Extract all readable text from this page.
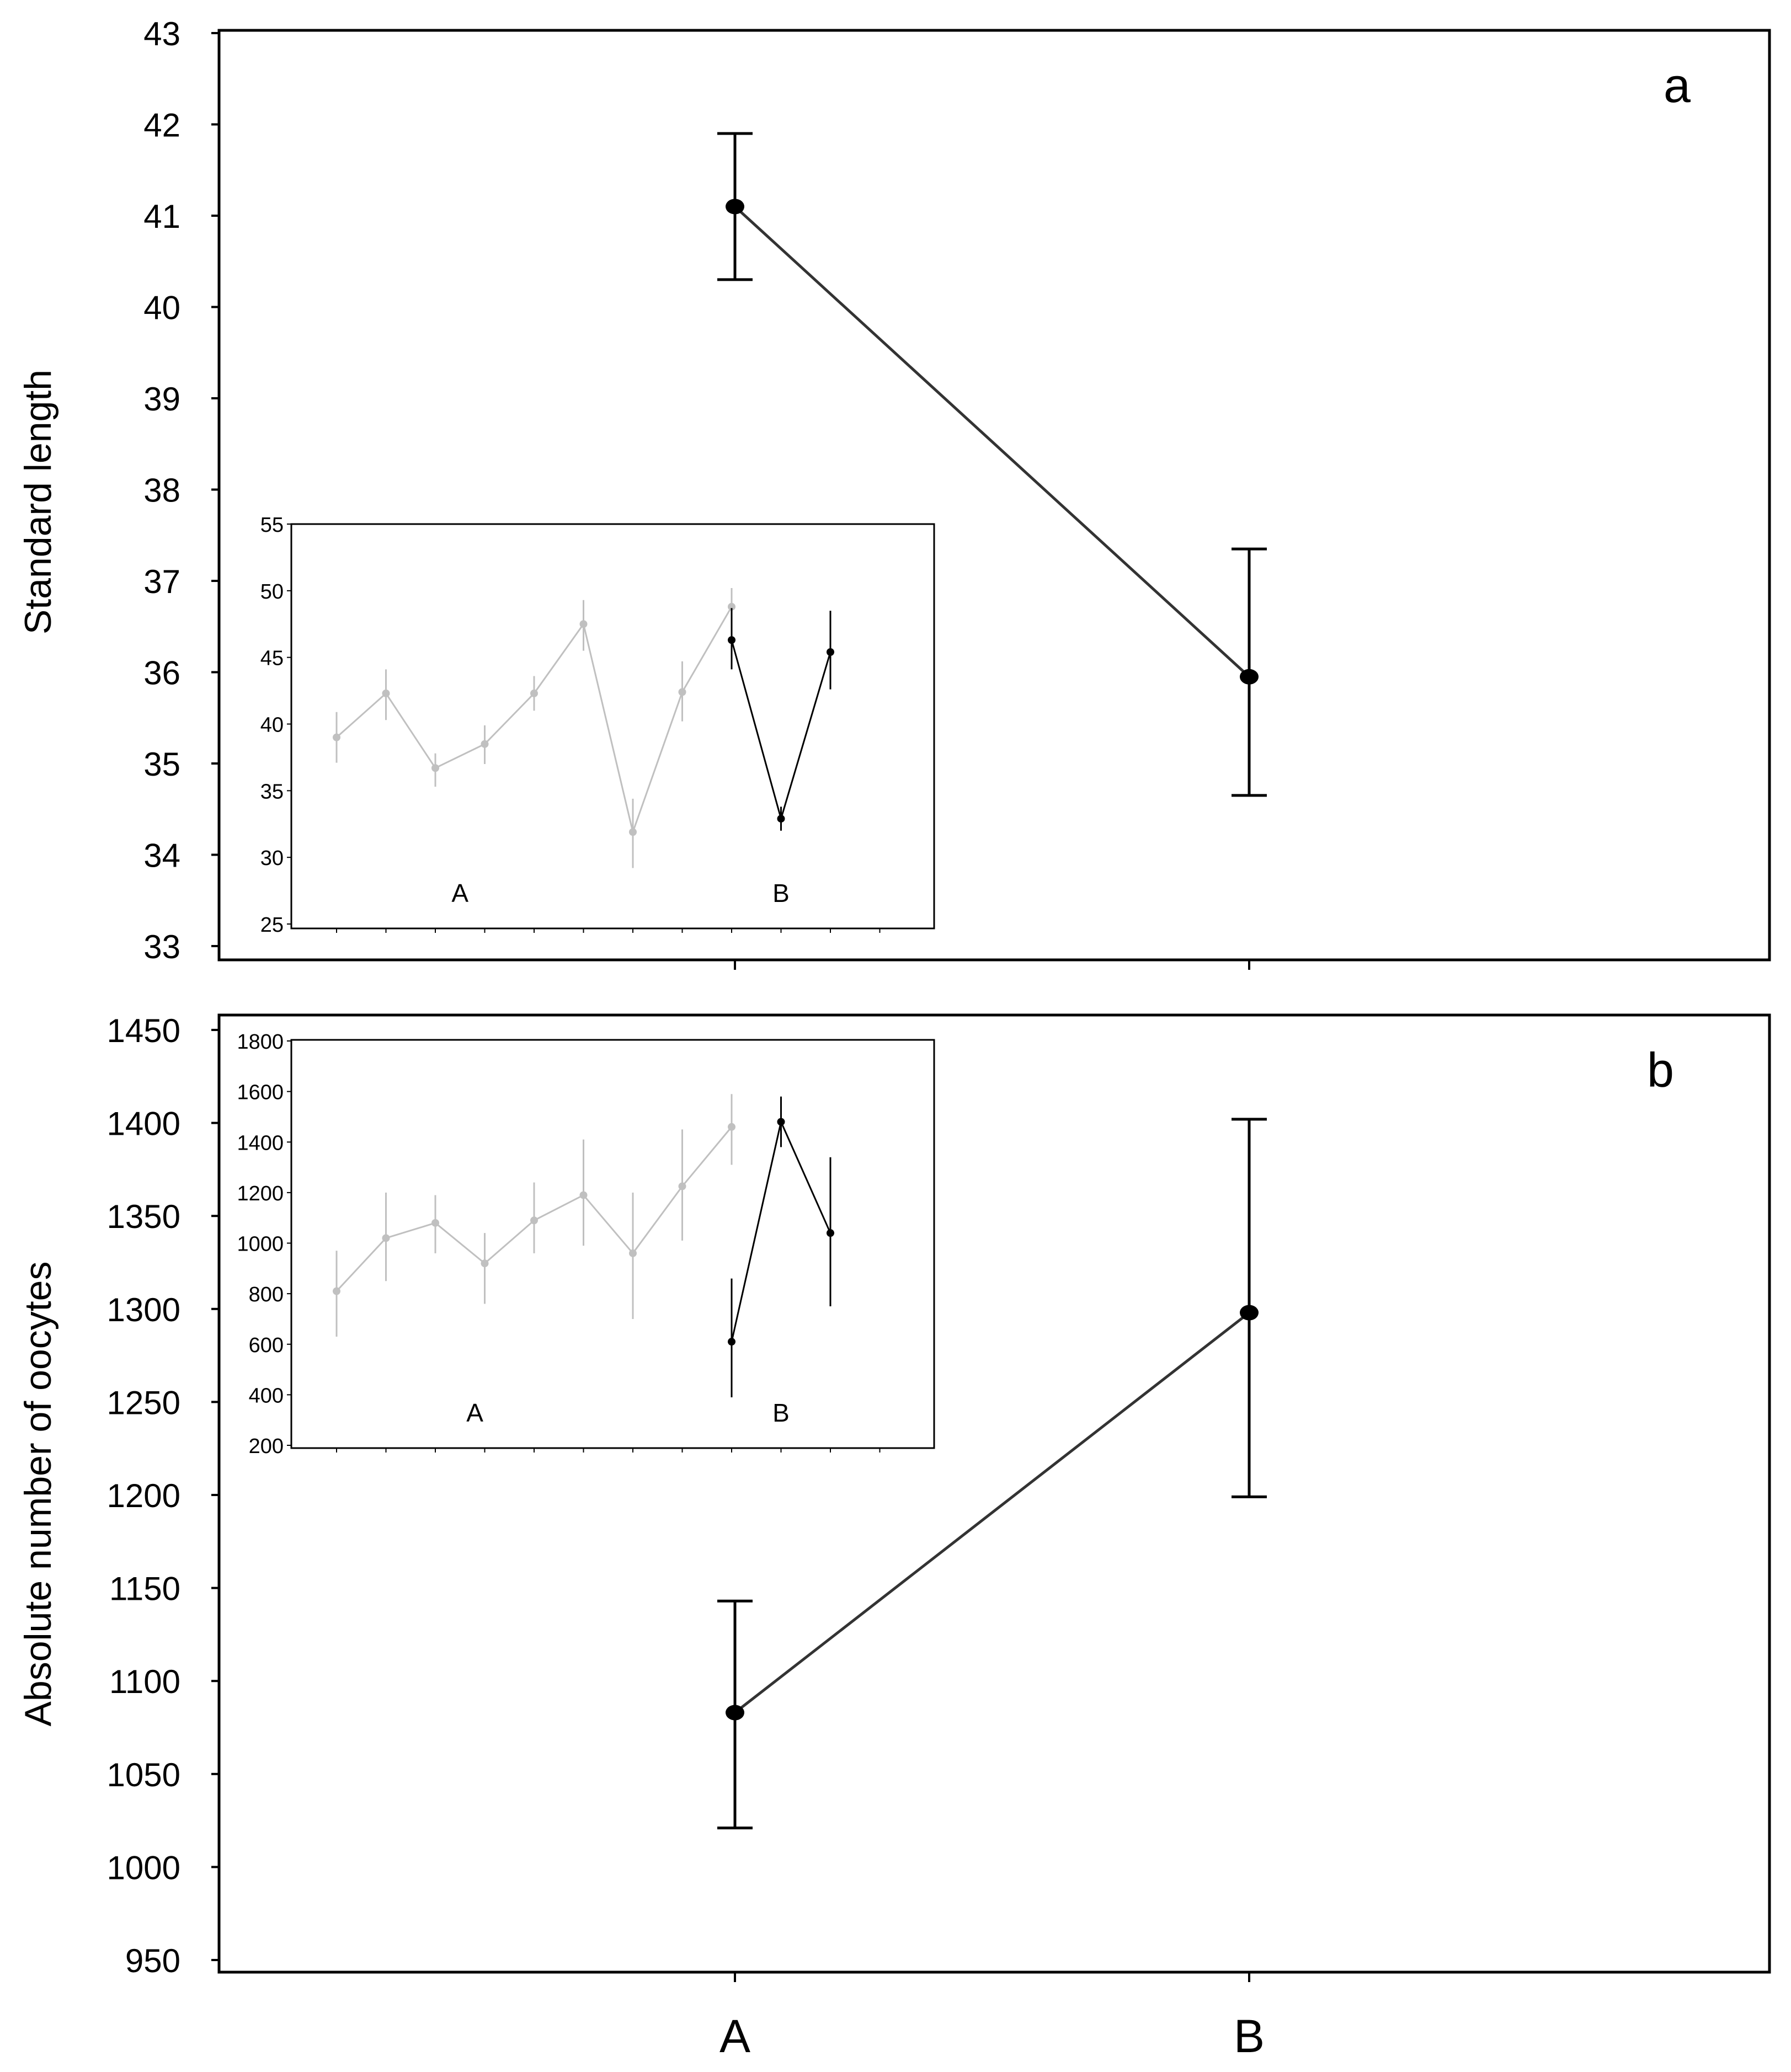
33
34
35
36
37
38
39
40
41
42
43
Standard length
a
25
30
35
40
45
50
55
A	B
950
1000
1050
1100
1150
1200
1250
1300
1350
1400
1450
Absolute number of oocytes
b
200
400
600
800
1000
1200
1400
1600
1800
A	B
A	B
